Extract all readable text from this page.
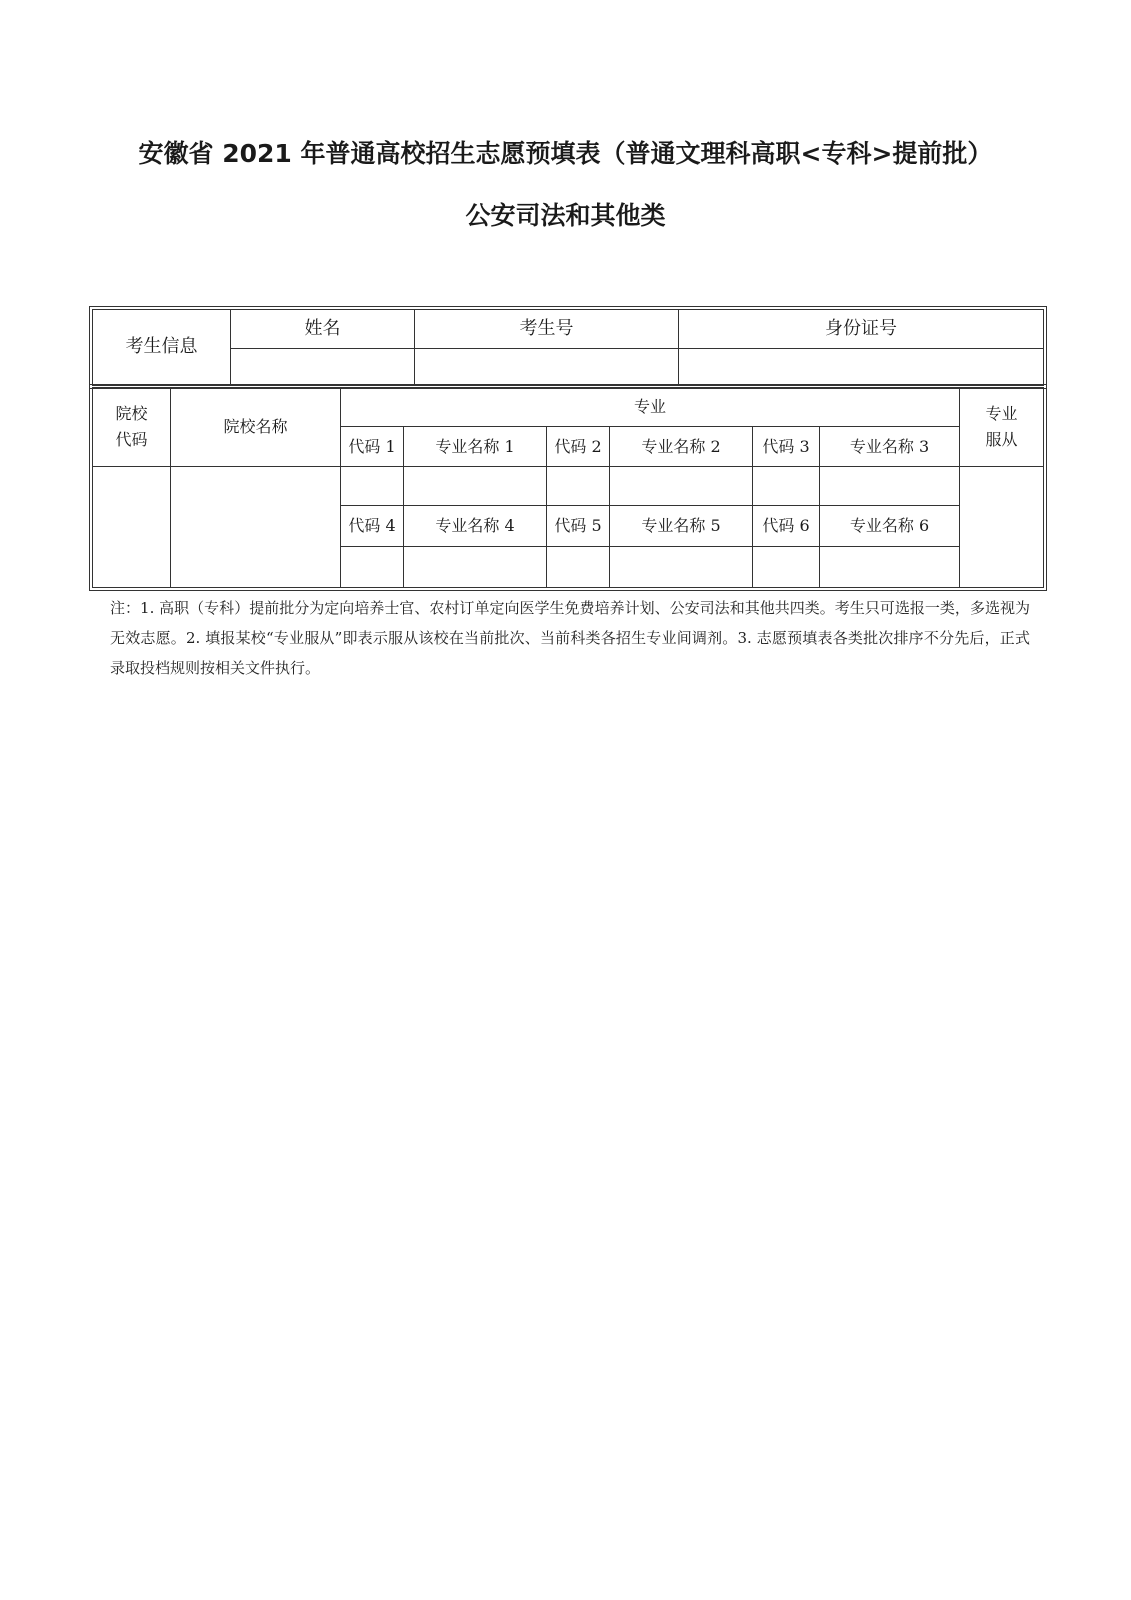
安徽省 2021 年普通高校招生志愿预填表（普通文理科高职<专科>提前批）
公安司法和其他类
考生信息	姓名	考生号	身份证号

院校
代码	院校名称	专业						专业
服从
		代码 1	专业名称 1	代码 2	专业名称 2	代码 3	专业名称 3	

		代码 4	专业名称 4	代码 5	专业名称 5	代码 6	专业名称 6	

注：1. 高职（专科）提前批分为定向培养士官、农村订单定向医学生免费培养计划、公安司法和其他共四类。考生只可选报一类，多选视为无效志愿。2. 填报某校“专业服从”即表示服从该校在当前批次、当前科类各招生专业间调剂。3. 志愿预填表各类批次排序不分先后，正式录取投档规则按相关文件执行。
